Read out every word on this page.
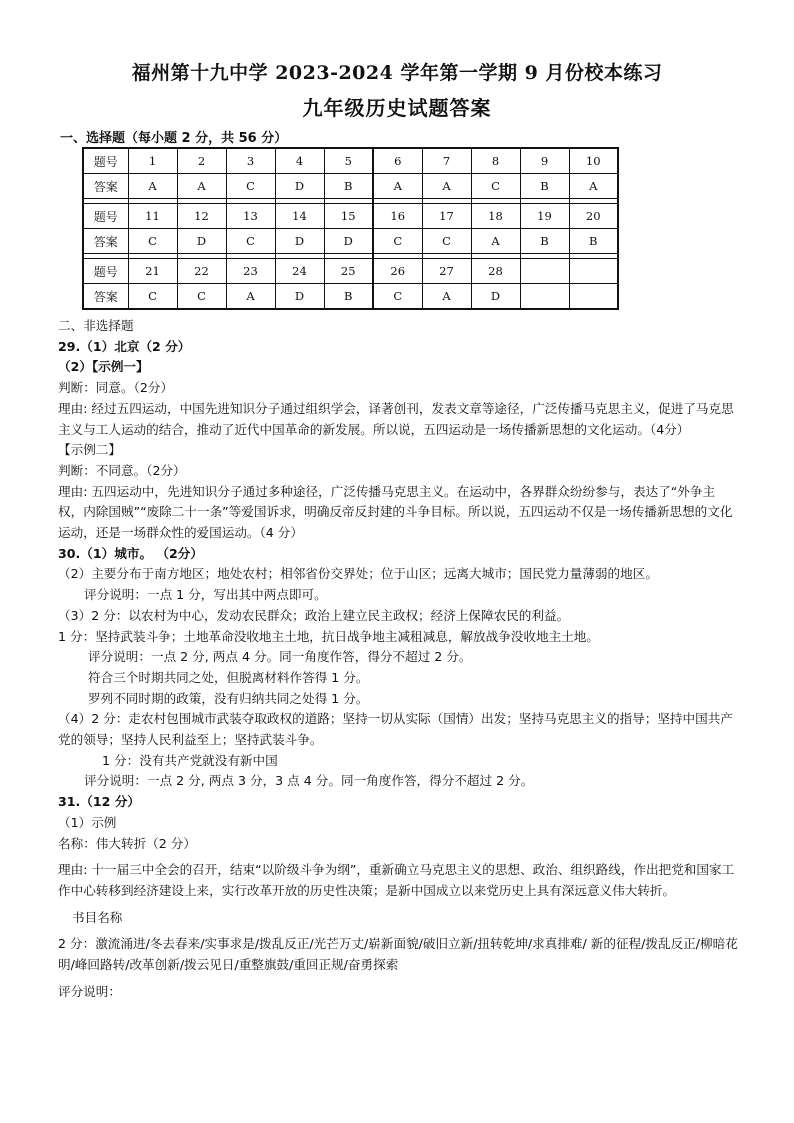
福州第十九中学 2023-2024 学年第一学期 9 月份校本练习
九年级历史试题答案
一、选择题（每小题 2 分，共 56 分）
题号	1	2	3	4	5	6	7	8	9	10
答案	A	A	C	D	B	A	A	C	B	A

题号	11	12	13	14	15	16	17	18	19	20
答案	C	D	C	D	D	C	C	A	B	B

题号	21	22	23	24	25	26	27	28		
答案	C	C	A	D	B	C	A	D		

二、非选择题

29.（1）北京（2 分）

（2）【示例一】

判断：同意。（2分）

理由: 经过五四运动，中国先进知识分子通过组织学会，译著创刊，发表文章等途径，广泛传播马克思主义，促进了马克思主义与工人运动的结合，推动了近代中国革命的新发展。所以说，五四运动是一场传播新思想的文化运动。（4分）

【示例二】

判断：不同意。（2分）

理由: 五四运动中，先进知识分子通过多种途径，广泛传播马克思主义。在运动中，各界群众纷纷参与，表达了“外争主权，内除国贼”“废除二十一条”等爱国诉求，明确反帝反封建的斗争目标。所以说，五四运动不仅是一场传播新思想的文化运动，还是一场群众性的爱国运动。（4 分）

30.（1）城市。 （2分）

（2）主要分布于南方地区；地处农村；相邻省份交界处；位于山区；远离大城市；国民党力量薄弱的地区。

评分说明：一点 1 分，写出其中两点即可。

（3）2 分：以农村为中心，发动农民群众；政治上建立民主政权；经济上保障农民的利益。

1 分：坚持武装斗争；土地革命没收地主土地，抗日战争地主减租减息，解放战争没收地主土地。

评分说明：一点 2 分, 两点 4 分。同一角度作答，得分不超过 2 分。

符合三个时期共同之处，但脱离材料作答得 1 分。

罗列不同时期的政策，没有归纳共同之处得 1 分。

（4）2 分：走农村包围城市武装夺取政权的道路；坚持一切从实际（国情）出发；坚持马克思主义的指导；坚持中国共产党的领导；坚持人民利益至上；坚持武装斗争。

1 分：没有共产党就没有新中国

评分说明：一点 2 分, 两点 3 分，3 点 4 分。同一角度作答，得分不超过 2 分。

31.（12 分）

（1）示例

名称：伟大转折（2 分）

理由: 十一届三中全会的召开，结束“以阶级斗争为纲”，重新确立马克思主义的思想、政治、组织路线，作出把党和国家工作中心转移到经济建设上来，实行改革开放的历史性决策；是新中国成立以来党历史上具有深远意义伟大转折。

书目名称

2 分：激流涌进/冬去春来/实事求是/拨乱反正/光芒万丈/崭新面貌/破旧立新/扭转乾坤/求真排难/ 新的征程/拨乱反正/柳暗花明/峰回路转/改革创新/拨云见日/重整旗鼓/重回正规/奋勇探索

评分说明：
